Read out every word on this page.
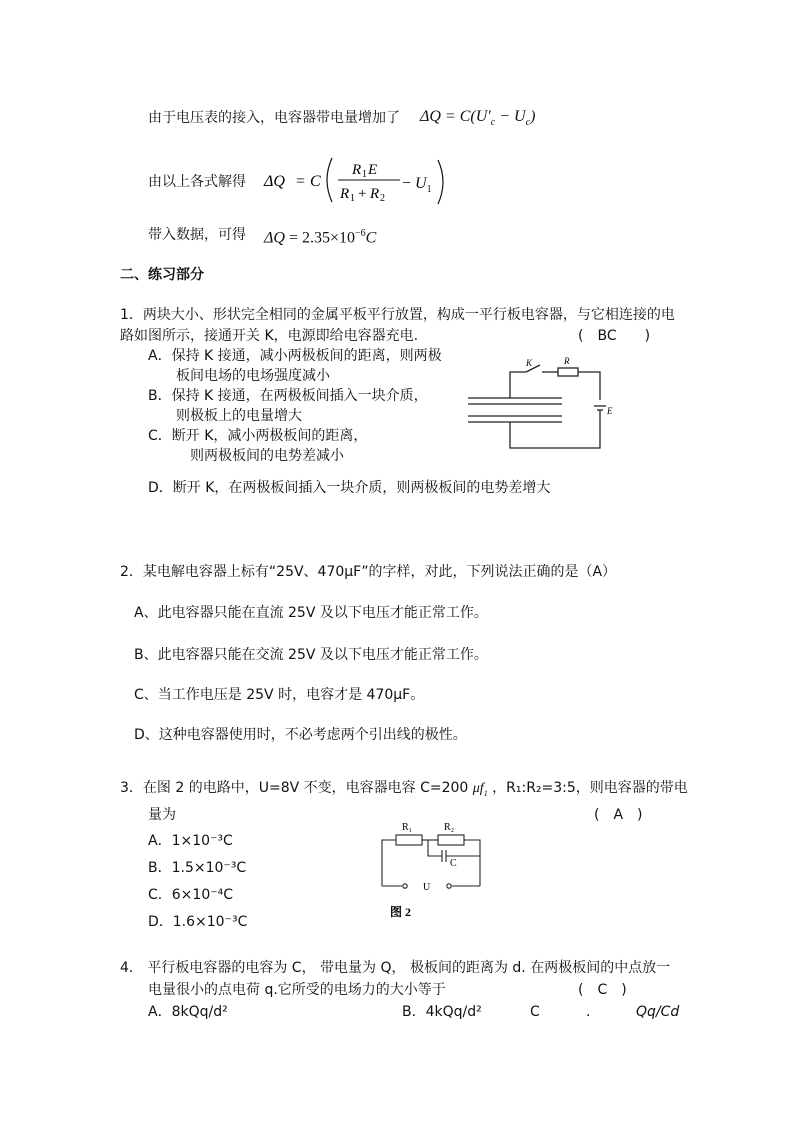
由于电压表的接入，电容器带电量增加了 $\Delta Q = C(U'_c - U_c)$
由以上各式解得 ΔQ = C
R 1 E
R 1 + R 2
− $U_1$
带入数据，可得 $\Delta Q = 2.35\times 10^{-6}C$
二、练习部分
1．两块大小、形状完全相同的金属平板平行放置，构成一平行板电容器，与它相连接的电
路如图所示，接通开关 K，电源即给电容器充电.	(　BC　　)
A．保持 K 接通，减小两极板间的距离，则两极
板间电场的电场强度减小
B．保持 K 接通，在两极板间插入一块介质，
则极板上的电量增大
C．断开 K，减小两极板间的距离，
则两极板间的电势差减小
D．断开 K，在两极板间插入一块介质，则两极板间的电势差增大
K	R
E
2．某电解电容器上标有“25V、470μF”的字样，对此，下列说法正确的是（A）
A、此电容器只能在直流 25V 及以下电压才能正常工作。
B、此电容器只能在交流 25V 及以下电压才能正常工作。
C、当工作电压是 25V 时，电容才是 470μF。
D、这种电容器使用时，不必考虑两个引出线的极性。
3．在图 2 的电路中，U=8V 不变，电容器电容 C=200 $\mu f_1$ ，R₁:R₂=3:5，则电容器的带电
量为	(　A　)
A．1×10⁻³C
B．1.5×10⁻³C
C．6×10⁻⁴C
D．1.6×10⁻³C
R₁	R₂
C
U
图 2
4． 平行板电容器的电容为 C， 带电量为 Q， 极板间的距离为 d. 在两极板间的中点放一
电量很小的点电荷 q.它所受的电场力的大小等于	(　C　)
A．8kQq/d²	B．4kQq/d²	C	.	Qq/Cd
